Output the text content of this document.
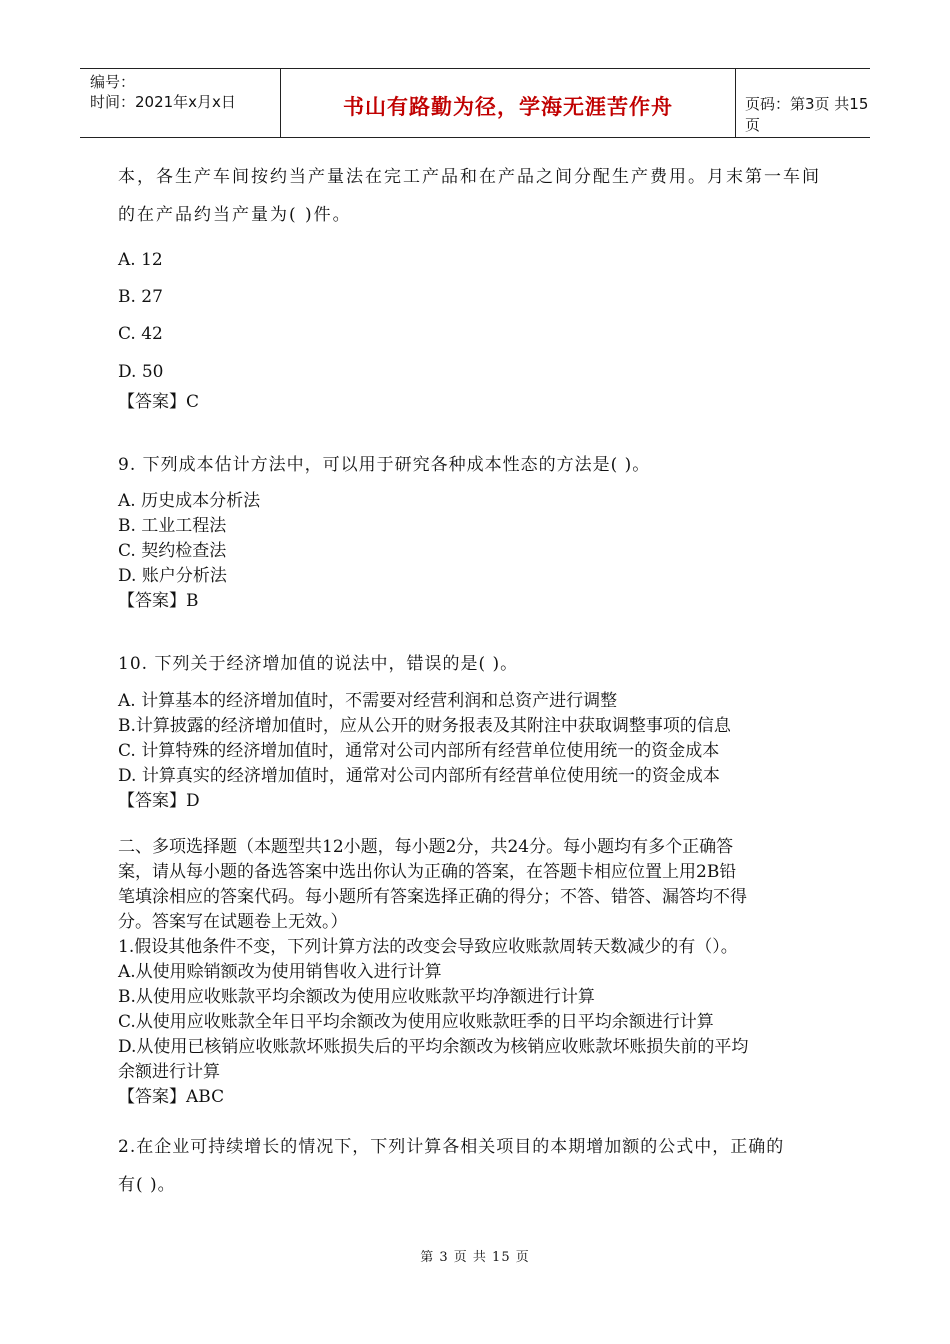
编号：
时间：2021年x月x日	书山有路勤为径，学海无涯苦作舟	页码：第3页 共15页
本，各生产车间按约当产量法在完工产品和在产品之间分配生产费用。月末第一车间
的在产品约当产量为( )件。
A. 12
B. 27
C. 42
D. 50
【答案】C
9. 下列成本估计方法中，可以用于研究各种成本性态的方法是( )。
A. 历史成本分析法
B. 工业工程法
C. 契约检查法
D. 账户分析法
【答案】B
10. 下列关于经济增加值的说法中，错误的是( )。
A. 计算基本的经济增加值时，不需要对经营利润和总资产进行调整
B.计算披露的经济增加值时，应从公开的财务报表及其附注中获取调整事项的信息
C. 计算特殊的经济增加值时，通常对公司内部所有经营单位使用统一的资金成本
D. 计算真实的经济增加值时，通常对公司内部所有经营单位使用统一的资金成本
【答案】D
二、多项选择题（本题型共12小题，每小题2分，共24分。每小题均有多个正确答
案，请从每小题的备选答案中选出你认为正确的答案，在答题卡相应位置上用2B铅
笔填涂相应的答案代码。每小题所有答案选择正确的得分；不答、错答、漏答均不得
分。答案写在试题卷上无效。）
1.假设其他条件不变，下列计算方法的改变会导致应收账款周转天数减少的有（）。
A.从使用赊销额改为使用销售收入进行计算
B.从使用应收账款平均余额改为使用应收账款平均净额进行计算
C.从使用应收账款全年日平均余额改为使用应收账款旺季的日平均余额进行计算
D.从使用已核销应收账款坏账损失后的平均余额改为核销应收账款坏账损失前的平均
余额进行计算
【答案】ABC
2.在企业可持续增长的情况下，下列计算各相关项目的本期增加额的公式中，正确的
有( )。
第 3 页 共 15 页
